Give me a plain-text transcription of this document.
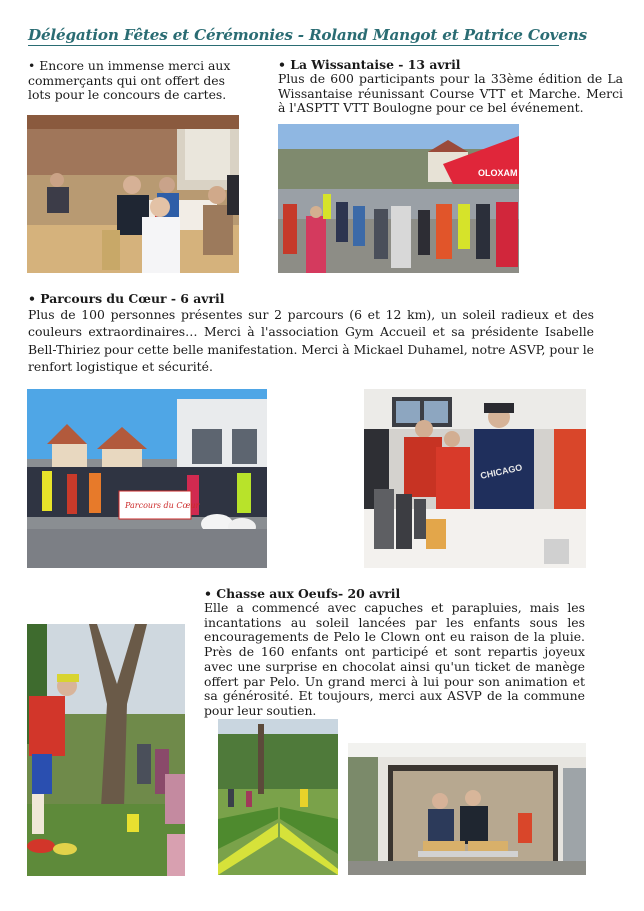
Délégation Fêtes et Cérémonies - Roland Mangot et Patrice Covens

• Encore un immense merci aux commerçants qui ont offert des lots pour le concours de cartes.

• La Wissantaise - 13 avril

Plus de 600 participants pour la 33ème édition de La Wissantaise réunissant Course VTT et Marche. Merci à l'ASPTT VTT Boulogne pour ce bel événement.

OLOXAM

• Parcours du Cœur - 6 avril

Plus de 100 personnes présentes sur 2 parcours (6 et 12 km), un soleil radieux et des couleurs extraordinaires… Merci à l'association Gym Accueil et sa présidente Isabelle Bell-Thiriez pour cette belle manifestation. Merci à Mickael Duhamel, notre ASVP, pour le renfort logistique et sécurité.

Parcours du Cœur
CHICAGO

• Chasse aux Oeufs- 20 avril

Elle a commencé avec capuches et parapluies, mais les incantations au soleil lancées par les enfants sous les encouragements de Pelo le Clown ont eu raison de la pluie. Près de 160 enfants ont participé et sont repartis joyeux avec une surprise en chocolat ainsi qu'un ticket de manège offert par Pelo. Un grand merci à lui pour son animation et sa générosité. Et toujours, merci aux ASVP de la commune pour leur soutien.
